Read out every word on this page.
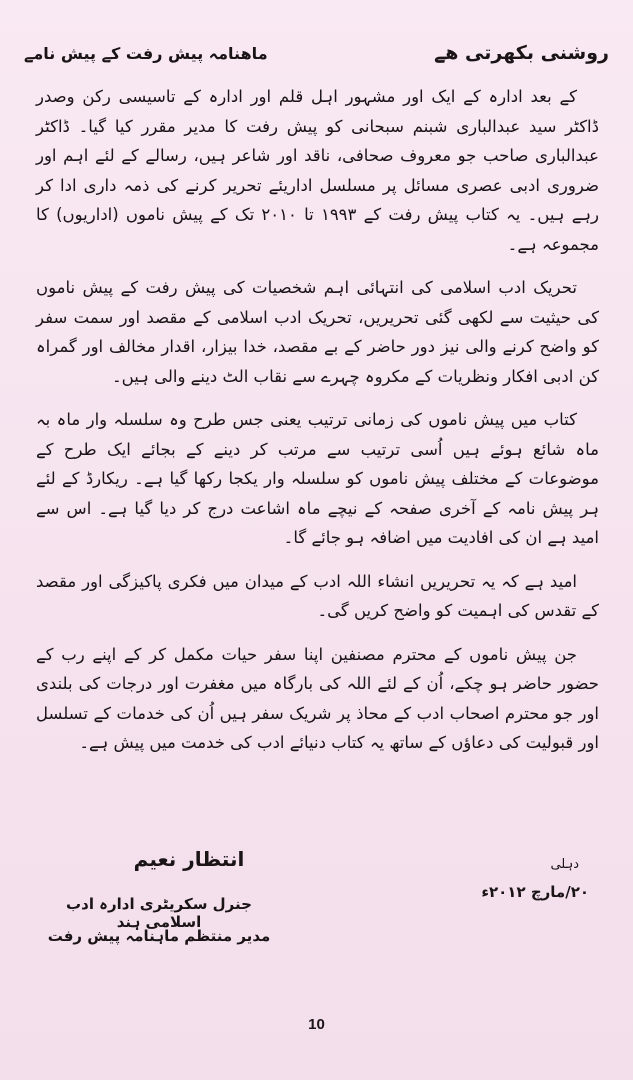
روشنی بکھرتی ھے
ماھنامہ پیش رفت کے پیش نامے

کے بعد ادارہ کے ایک اور مشہور اہل قلم اور ادارہ کے تاسیسی رکن وصدر ڈاکٹر سید عبدالباری شبنم سبحانی کو پیش رفت کا مدیر مقرر کیا گیا۔ ڈاکٹر عبدالباری صاحب جو معروف صحافی، ناقد اور شاعر ہیں، رسالے کے لئے اہم اور ضروری ادبی عصری مسائل پر مسلسل اداریئے تحریر کرنے کی ذمہ داری ادا کر رہے ہیں۔ یہ کتاب پیش رفت کے ۱۹۹۳ تا ۲۰۱۰ تک کے پیش ناموں (اداریوں) کا مجموعہ ہے۔

تحریک ادب اسلامی کی انتہائی اہم شخصیات کی پیش رفت کے پیش ناموں کی حیثیت سے لکھی گئی تحریریں، تحریک ادب اسلامی کے مقصد اور سمت سفر کو واضح کرنے والی نیز دور حاضر کے بے مقصد، خدا بیزار، اقدار مخالف اور گمراہ کن ادبی افکار ونظریات کے مکروہ چہرے سے نقاب الٹ دینے والی ہیں۔

کتاب میں پیش ناموں کی زمانی ترتیب یعنی جس طرح وہ سلسلہ وار ماہ بہ ماہ شائع ہوئے ہیں اُسی ترتیب سے مرتب کر دینے کے بجائے ایک طرح کے موضوعات کے مختلف پیش ناموں کو سلسلہ وار یکجا رکھا گیا ہے۔ ریکارڈ کے لئے ہر پیش نامہ کے آخری صفحہ کے نیچے ماہ اشاعت درج کر دیا گیا ہے۔ اس سے امید ہے ان کی افادیت میں اضافہ ہو جائے گا۔

امید ہے کہ یہ تحریریں انشاء اللہ ادب کے میدان میں فکری پاکیزگی اور مقصد کے تقدس کی اہمیت کو واضح کریں گی۔

جن پیش ناموں کے محترم مصنفین اپنا سفر حیات مکمل کر کے اپنے رب کے حضور حاضر ہو چکے، اُن کے لئے اللہ کی بارگاہ میں مغفرت اور درجات کی بلندی اور جو محترم اصحاب ادب کے محاذ پر شریک سفر ہیں اُن کی خدمات کے تسلسل اور قبولیت کی دعاؤں کے ساتھ یہ کتاب دنیائے ادب کی خدمت میں پیش ہے۔

دہلی
۲۰/مارچ ۲۰۱۲ء
انتظار نعیم
جنرل سکریٹری ادارہ ادب اسلامی ہند
مدیر منتظم ماہنامہ پیش رفت
10
